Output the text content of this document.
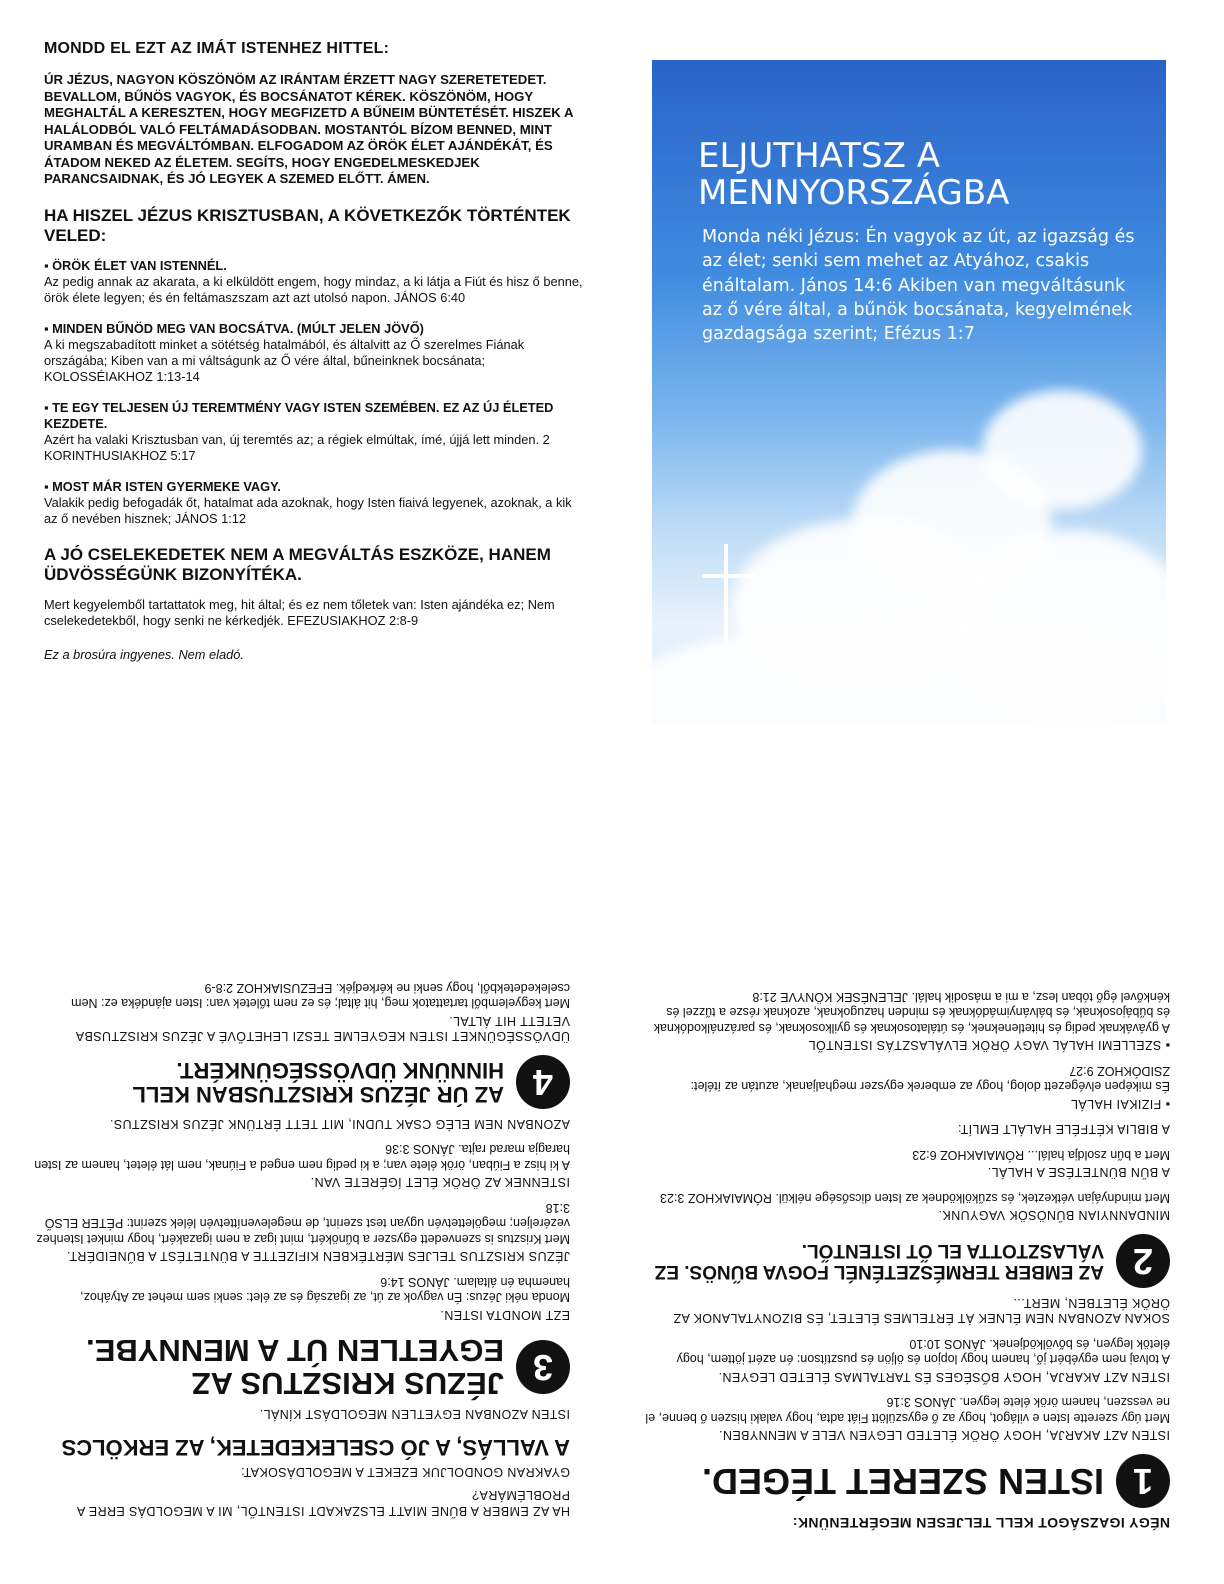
MONDD EL EZT AZ IMÁT ISTENHEZ HITTEL:

ÚR JÉZUS, NAGYON KÖSZÖNÖM AZ IRÁNTAM ÉRZETT NAGY SZERETETEDET. BEVALLOM, BŰNÖS VAGYOK, ÉS BOCSÁNATOT KÉREK. KÖSZÖNÖM, HOGY MEGHALTÁL A KERESZTEN, HOGY MEGFIZETD A BŰNEIM BÜNTETÉSÉT. HISZEK A HALÁLODBÓL VALÓ FELTÁMADÁSODBAN. MOSTANTÓL BÍZOM BENNED, MINT URAMBAN ÉS MEGVÁLTÓMBAN. ELFOGADOM AZ ÖRÖK ÉLET AJÁNDÉKÁT, ÉS ÁTADOM NEKED AZ ÉLETEM. SEGÍTS, HOGY ENGEDELMESKEDJEK PARANCSAIDNAK, ÉS JÓ LEGYEK A SZEMED ELŐTT. ÁMEN.

HA HISZEL JÉZUS KRISZTUSBAN, A KÖVETKEZŐK TÖRTÉNTEK VELED:

▪ ÖRÖK ÉLET VAN ISTENNÉL.

Az pedig annak az akarata, a ki elküldött engem, hogy mindaz, a ki látja a Fiút és hisz ő benne, örök élete legyen; és én feltámaszszam azt azt utolsó napon. JÁNOS 6:40

▪ MINDEN BŰNÖD MEG VAN BOCSÁTVA. (MÚLT JELEN JÖVŐ)

A ki megszabadított minket a sötétség hatalmából, és általvitt az Ő szerelmes Fiának országába; Kiben van a mi váltságunk az Ő vére által, bűneinknek bocsánata; KOLOSSÉIAKHOZ 1:13-14

▪ TE EGY TELJESEN ÚJ TEREMTMÉNY VAGY ISTEN SZEMÉBEN. EZ AZ ÚJ ÉLETED KEZDETE.

Azért ha valaki Krisztusban van, új teremtés az; a régiek elmúltak, ímé, újjá lett minden. 2 KORINTHUSIAKHOZ 5:17

▪ MOST MÁR ISTEN GYERMEKE VAGY.

Valakik pedig befogadák őt, hatalmat ada azoknak, hogy Isten fiaivá legyenek, azoknak, a kik az ő nevében hisznek; JÁNOS 1:12

A JÓ CSELEKEDETEK NEM A MEGVÁLTÁS ESZKÖZE, HANEM ÜDVÖSSÉGÜNK BIZONYÍTÉKA.

Mert kegyelemből tartattatok meg, hit által; és ez nem tőletek van: Isten ajándéka ez; Nem cselekedetekből, hogy senki ne kérkedjék. EFEZUSIAKHOZ 2:8-9

Ez a brosúra ingyenes. Nem eladó.

ELJUTHATSZ A
MENNYORSZÁGBA

Monda néki Jézus: Én vagyok az út, az igazság és az élet; senki sem mehet az Atyához, csakis énáltalam. János 14:6 Akiben van megváltásunk az ő vére által, a bűnök bocsánata, kegyelmének gazdagsága szerint; Efézus 1:7

HA AZ EMBER A BŰNE MIATT ELSZAKADT ISTENTŐL, MI A MEGOLDÁS ERRE A PROBLÉMÁRA?

GYAKRAN GONDOLJUK EZEKET A MEGOLDÁSOKAT:

A VALLÁS, A JÓ CSELEKEDETEK, AZ ERKÖLCS

ISTEN AZONBAN EGYETLEN MEGOLDÁST KÍNÁL.

3

JÉZUS KRISZTUS AZ EGYETLEN ÚT A MENNYBE.

EZT MONDTA ISTEN.

Monda néki Jézus: Én vagyok az út, az igazság és az élet: senki sem mehet az Atyához, hanemha én általam. JÁNOS 14:6

JÉZUS KRISZTUS TELJES MÉRTÉKBEN KIFIZETTE A BÜNTETÉST A BŰNEIDÉRT.

Mert Krisztus is szenvedett egyszer a bűnökért, mint igaz a nem igazakért, hogy minket Istenhez vezéreljen; megölettetvén ugyan test szerint, de megeleveníttetvén lélek szerint: PÉTER ELSŐ 3:18

ISTENNEK AZ ÖRÖK ÉLET ÍGÉRETE VAN.

A ki hisz a Fiúban, örök élete van; a ki pedig nem enged a Fiúnak, nem lát életet, hanem az Isten haragja marad rajta. JÁNOS 3:36

AZONBAN NEM ELÉG CSAK TUDNI, MIT TETT ÉRTÜNK JÉZUS KRISZTUS.

4

AZ ÚR JÉZUS KRISZTUSBAN KELL HINNÜNK ÜDVÖSSÉGÜNKÉRT.

ÜDVÖSSÉGÜNKET ISTEN KEGYELME TESZI LEHETŐVÉ A JÉZUS KRISZTUSBA VETETT HIT ÁLTAL.

Mert kegyelemből tartattatok meg, hit által; és ez nem tőletek van: Isten ajándéka ez: Nem cselekedetekből, hogy senki ne kérkedjék. EFEZUSIAKHOZ 2:8-9

NÉGY IGAZSÁGOT KELL TELJESEN MEGÉRTENÜNK:

1

ISTEN SZERET TÉGED.

ISTEN AZT AKARJA, HOGY ÖRÖK ÉLETED LEGYEN VELE A MENNYBEN.

Mert úgy szerette Isten e világot, hogy az ő egyszülött Fiát adta, hogy valaki hiszen ő benne, el ne vesszen, hanem örök élete legyen. JÁNOS 3:16

ISTEN AZT AKARJA, HOGY BŐSÉGES ÉS TARTALMAS ÉLETED LEGYEN.

A tolvaj nem egyébért jő, hanem hogy lopjon és öljön és pusztítson: én azért jöttem, hogy életök legyen, és bővölködjenek. JÁNOS 10:10

SOKAN AZONBAN NEM ÉLNEK ÁT ÉRTELMES ÉLETET, ÉS BIZONYTALANOK AZ ÖRÖK ÉLETBEN, MERT...

2

AZ EMBER TERMÉSZETÉNÉL FOGVA BŰNÖS. EZ VÁLASZTOTTA EL ŐT ISTENTŐL.

MINDANNYIAN BŰNÖSÖK VAGYUNK.

Mert mindnyájan vétkeztek, és szűkölködnek az Isten dicsősége nélkül. RÓMAIAKHOZ 3:23

A BŰN BÜNTETÉSE A HALÁL.

Mert a bűn zsoldja halál... RÓMAIAKHOZ 6:23

A BIBLIA KÉTFÉLE HALÁLT EMLÍT:

▪ FIZIKAI HALÁL

És miképen elvégezett dolog, hogy az emberek egyszer meghaljanak, azután az ítélet: ZSIDÓKHOZ 9:27

▪ SZELLEMI HALÁL VAGY ÖRÖK ELVÁLASZTÁS ISTENTŐL

A gyáváknak pedig és hitetleneknek, és útálatosoknak és gyilkosoknak, és paráználkodóknak és bűbájosoknak, és bálványimádóknak és minden hazugoknak, azoknak része a tűzzel és kénkővel égő tóban lesz, a mi a második halál. JELENÉSEK KÖNYVE 21:8
